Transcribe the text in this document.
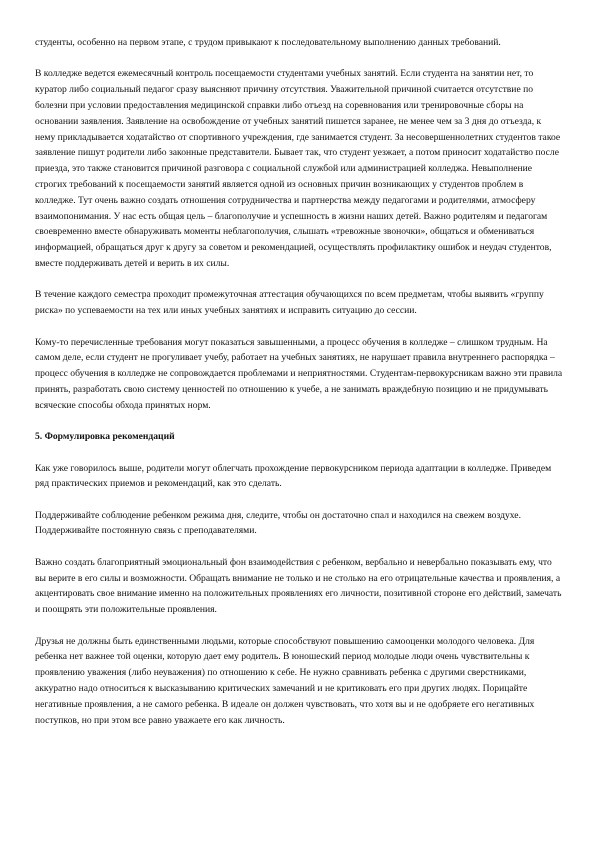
студенты, особенно на первом этапе, с трудом привыкают к последовательному выполнению данных требований.

В колледже ведется ежемесячный контроль посещаемости студентами учебных занятий. Если студента на занятии нет, то куратор либо социальный педагог сразу выясняют причину отсутствия. Уважительной причиной считается отсутствие по болезни при условии предоставления медицинской справки либо отъезд на соревнования или тренировочные сборы на основании заявления. Заявление на освобождение от учебных занятий пишется заранее, не менее чем за 3 дня до отъезда, к нему прикладывается ходатайство от спортивного учреждения, где занимается студент. За несовершеннолетних студентов такое заявление пишут родители либо законные представители. Бывает так, что студент уезжает, а потом приносит ходатайство после приезда, это также становится причиной разговора с социальной службой или администрацией колледжа. Невыполнение строгих требований к посещаемости занятий является одной из основных причин возникающих у студентов проблем в колледже. Тут очень важно создать отношения сотрудничества и партнерства между педагогами и родителями, атмосферу взаимопонимания. У нас есть общая цель – благополучие и успешность в жизни наших детей. Важно родителям и педагогам своевременно вместе обнаруживать моменты неблагополучия, слышать «тревожные звоночки», общаться и обмениваться информацией, обращаться друг к другу за советом и рекомендацией, осуществлять профилактику ошибок и неудач студентов, вместе поддерживать детей и верить в их силы.

В течение каждого семестра проходит промежуточная аттестация обучающихся по всем предметам, чтобы выявить «группу риска» по успеваемости на тех или иных учебных занятиях и исправить ситуацию до сессии.

Кому-то перечисленные требования могут показаться завышенными, а процесс обучения в колледже – слишком трудным. На самом деле, если студент не прогуливает учебу, работает на учебных занятиях, не нарушает правила внутреннего распорядка – процесс обучения в колледже не сопровождается проблемами и неприятностями. Студентам-первокурсникам важно эти правила принять, разработать свою систему ценностей по отношению к учебе, а не занимать враждебную позицию и не придумывать всяческие способы обхода принятых норм.

5. Формулировка рекомендаций

Как уже говорилось выше, родители могут облегчать прохождение первокурсником периода адаптации в колледже. Приведем ряд практических приемов и рекомендаций, как это сделать.

Поддерживайте соблюдение ребенком режима дня, следите, чтобы он достаточно спал и находился на свежем воздухе. Поддерживайте постоянную связь с преподавателями.

Важно создать благоприятный эмоциональный фон взаимодействия с ребенком, вербально и невербально показывать ему, что вы верите в его силы и возможности. Обращать внимание не только и не столько на его отрицательные качества и проявления, а акцентировать свое внимание именно на положительных проявлениях его личности, позитивной стороне его действий, замечать и поощрять эти положительные проявления.

Друзья не должны быть единственными людьми, которые способствуют повышению самооценки молодого человека. Для ребенка нет важнее той оценки, которую дает ему родитель. В юношеский период молодые люди очень чувствительны к проявлению уважения (либо неуважения) по отношению к себе. Не нужно сравнивать ребенка с другими сверстниками, аккуратно надо относиться к высказыванию критических замечаний и не критиковать его при других людях. Порицайте негативные проявления, а не самого ребенка. В идеале он должен чувствовать, что хотя вы и не одобряете его негативных поступков, но при этом все равно уважаете его как личность.
